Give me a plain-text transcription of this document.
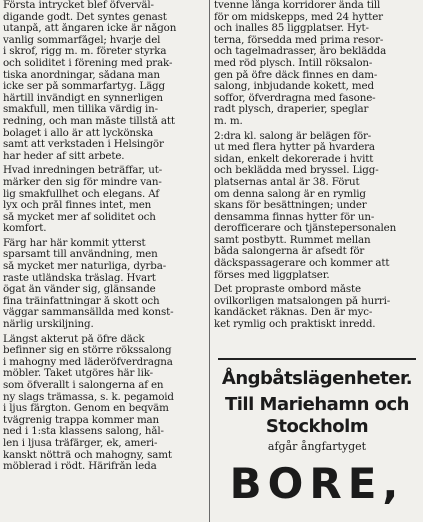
Första intrycket blef öfverväl-
digande godt. Det syntes genast
utanpå, att ångaren icke är någon
vanlig sommarfågel; hvarje del
i skrof, rigg m. m. företer styrka
och soliditet i förening med prak-
tiska anordningar, sådana man
icke ser på sommarfartyg. Lägg
härtill invändigt en synnerligen
smakfull, men tillika värdig in-
redning, och man måste tillstå att
bolaget i allo är att lyckönska
samt att verkstaden i Helsingör
har heder af sitt arbete.

Hvad inredningen beträffar, ut-
märker den sig för mindre van-
lig smakfullhet och elegans. Af
lyx och prål finnes intet, men
så mycket mer af soliditet och
komfort.

Färg har här kommit ytterst
sparsamt till användning, men
så mycket mer naturliga, dyrba-
raste utländska träslag. Hvart
ögat än vänder sig, glänsande
fina träinfattningar å skott och
väggar sammansällda med konst-
närlig urskiljning.

Längst akterut på öfre däck
befinner sig en större rökssalong
i mahogny med läderöfverdragna
möbler. Taket utgöres här lik-
som öfverallt i salongerna af en
ny slags trämassa, s. k. pegamoid
i ljus färgton. Genom en beqväm
tvägrenig trappa kommer man
ned i 1:sta klassens salong, hål-
len i ljusa träfärger, ek, ameri-
kanskt nötträ och mahogny, samt
möblerad i rödt. Härifrån leda

tvenne långa korridorer ända till
för om midskepps, med 24 hytter
och inalles 85 liggplatser. Hyt-
terna, försedda med prima resor-
och tagelmadrasser, äro beklädda
med röd plysch. Intill röksalon-
gen på öfre däck finnes en dam-
salong, inbjudande kokett, med
soffor, öfverdragna med fasone-
radt plysch, draperier, speglar
m. m.

2:dra kl. salong är belägen för-
ut med flera hytter på hvardera
sidan, enkelt dekorerade i hvitt
och beklädda med bryssel. Ligg-
platsernas antal är 38. Förut
om denna salong är en rymlig
skans för besättningen; under
densamma finnas hytter för un-
derofficerare och tjänstepersonalen
samt postbytt. Rummet mellan
båda salongerna är afsedt för
däckspassagerare och kommer att
förses med liggplatser.

Det propraste ombord måste
ovilkorligen matsalongen på hurri-
kandäcket räknas. Den är myc-
ket rymlig och praktiskt inredd.

Ångbåtslägenheter.
Till Mariehamn och
Stockholm
afgår ångfartyget
BORE,
